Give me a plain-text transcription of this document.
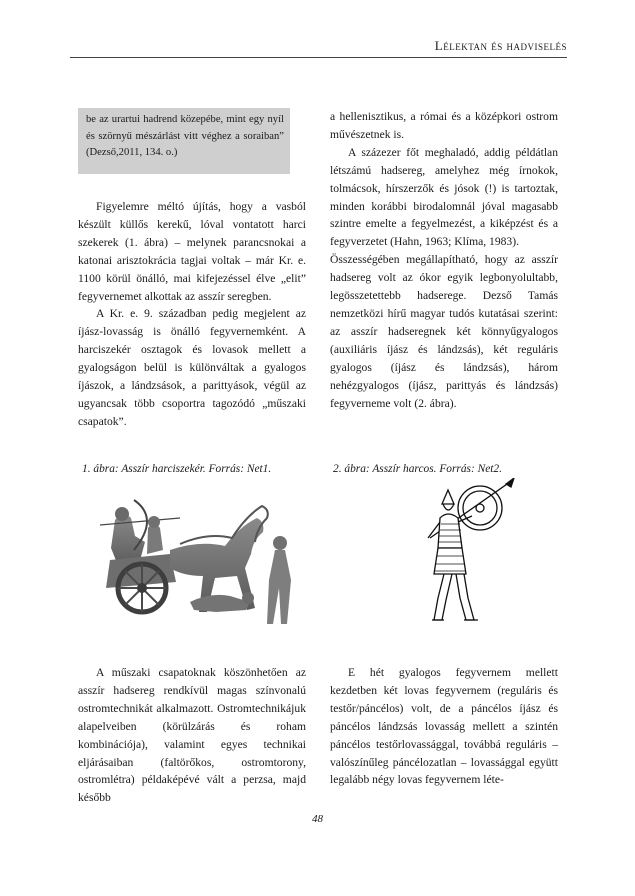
Lélektan és hadviselés
be az urartui hadrend közepébe, mint egy nyíl és szörnyű mészárlást vitt véghez a soraiban” (Dezső,2011, 134. o.)

Figyelemre méltó újítás, hogy a vasból készült küllős kerekű, lóval vontatott harci szekerek (1. ábra) – melynek parancsnokai a katonai arisztokrácia tagjai voltak – már Kr. e. 1100 körül önálló, mai kifejezéssel élve „elit” fegyvernemet alkottak az asszír seregben.

A Kr. e. 9. században pedig megjelent az íjász-lovasság is önálló fegyvernemként. A harciszekér osztagok és lovasok mellett a gyalogságon belül is különváltak a gyalogos íjászok, a lándzsások, a parittyások, végül az ugyancsak több csoportra tagozódó „műszaki csapatok”.

a hellenisztikus, a római és a középkori ostrom művészetnek is.

A százezer főt meghaladó, addig példátlan létszámú hadsereg, amelyhez még írnokok, tolmácsok, hírszerzők és jósok (!) is tartoztak, minden korábbi birodalomnál jóval magasabb szintre emelte a fegyelmezést, a kiképzést és a fegyverzetet (Hahn, 1963; Klíma, 1983).

Összességében megállapítható, hogy az asszír hadsereg volt az ókor egyik legbonyolultabb, legösszetettebb hadserege. Dezső Tamás nemzetközi hírű magyar tudós kutatásai szerint: az asszír hadseregnek két könnyűgyalogos (auxiliáris íjász és lándzsás), két reguláris gyalogos (íjász és lándzsás), három nehézgyalogos (íjász, parittyás és lándzsás) fegyverneme volt (2. ábra).

1. ábra: Asszír harciszekér. Forrás: Net1.	2. ábra: Asszír harcos. Forrás: Net2.

A műszaki csapatoknak köszönhetően az asszír hadsereg rendkívül magas színvonalú ostromtechnikát alkalmazott. Ostromtechnikájuk alapelveiben (körülzárás és roham kombinációja), valamint egyes technikai eljárásaiban (faltörőkos, ostromtorony, ostromlétra) példaképévé vált a perzsa, majd később

E hét gyalogos fegyvernem mellett kezdetben két lovas fegyvernem (reguláris és testőr/páncélos) volt, de a páncélos íjász és páncélos lándzsás lovasság mellett a szintén páncélos testőrlovassággal, továbbá reguláris – valószínűleg páncélozatlan – lovassággal együtt legalább négy lovas fegyvernem léte-

48
